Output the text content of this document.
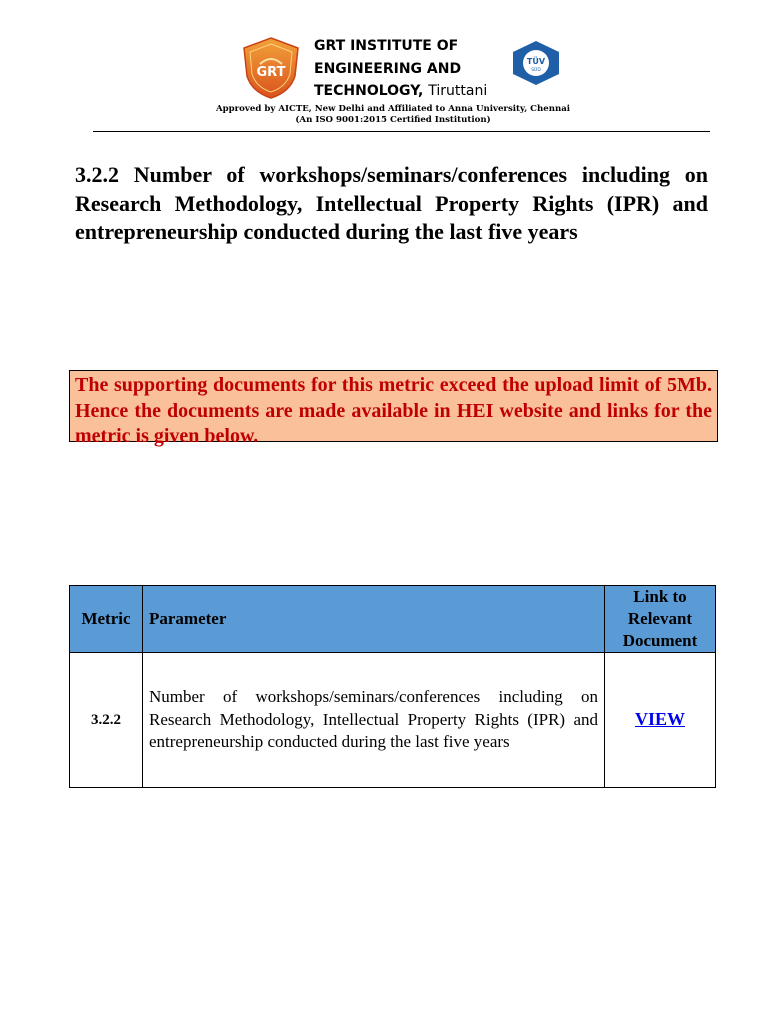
GRT
GRT INSTITUTE OF
ENGINEERING AND
TECHNOLOGY, Tiruttani
TÜV
SÜD
Approved by AICTE, New Delhi and Affiliated to Anna University, Chennai
(An ISO 9001:2015 Certified Institution)
3.2.2 Number of workshops/seminars/conferences including on Research Methodology, Intellectual Property Rights (IPR) and entrepreneurship conducted during the last five years
The supporting documents for this metric exceed the upload limit of 5Mb. Hence the documents are made available in HEI website and links for the metric is given below.
Metric	Parameter	Link to Relevant Document
3.2.2	Number of workshops/seminars/conferences including on Research Methodology, Intellectual Property Rights (IPR) and entrepreneurship conducted during the last five years	VIEW
